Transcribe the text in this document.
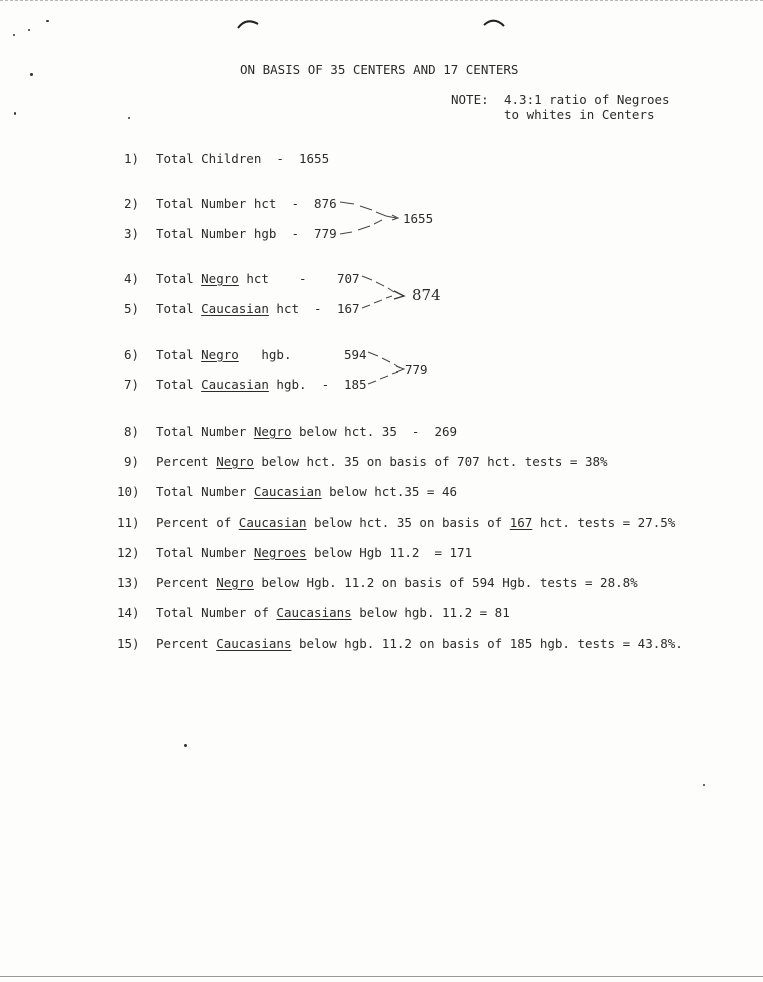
ON BASIS OF 35 CENTERS AND 17 CENTERS
NOTE: 4.3:1 ratio of Negroes
to whites in Centers
1) Total Children  -  1655
2) Total Number hct  -  876
3) Total Number hgb  -  779
1655
4) Total Negro hct    - 707
5) Total Caucasian hct  - 167
874
6) Total Negro   hgb.	594
7) Total Caucasian hgb.  - 185
779
8) Total Number Negro below hct. 35  -  269
9) Percent Negro below hct. 35 on basis of 707 hct. tests = 38%
10) Total Number Caucasian below hct.35 = 46
11) Percent of Caucasian below hct. 35 on basis of 167 hct. tests = 27.5%
12) Total Number Negroes below Hgb 11.2  = 171
13) Percent Negro below Hgb. 11.2 on basis of 594 Hgb. tests = 28.8%
14) Total Number of Caucasians below hgb. 11.2 = 81
15) Percent Caucasians below hgb. 11.2 on basis of 185 hgb. tests = 43.8%.
